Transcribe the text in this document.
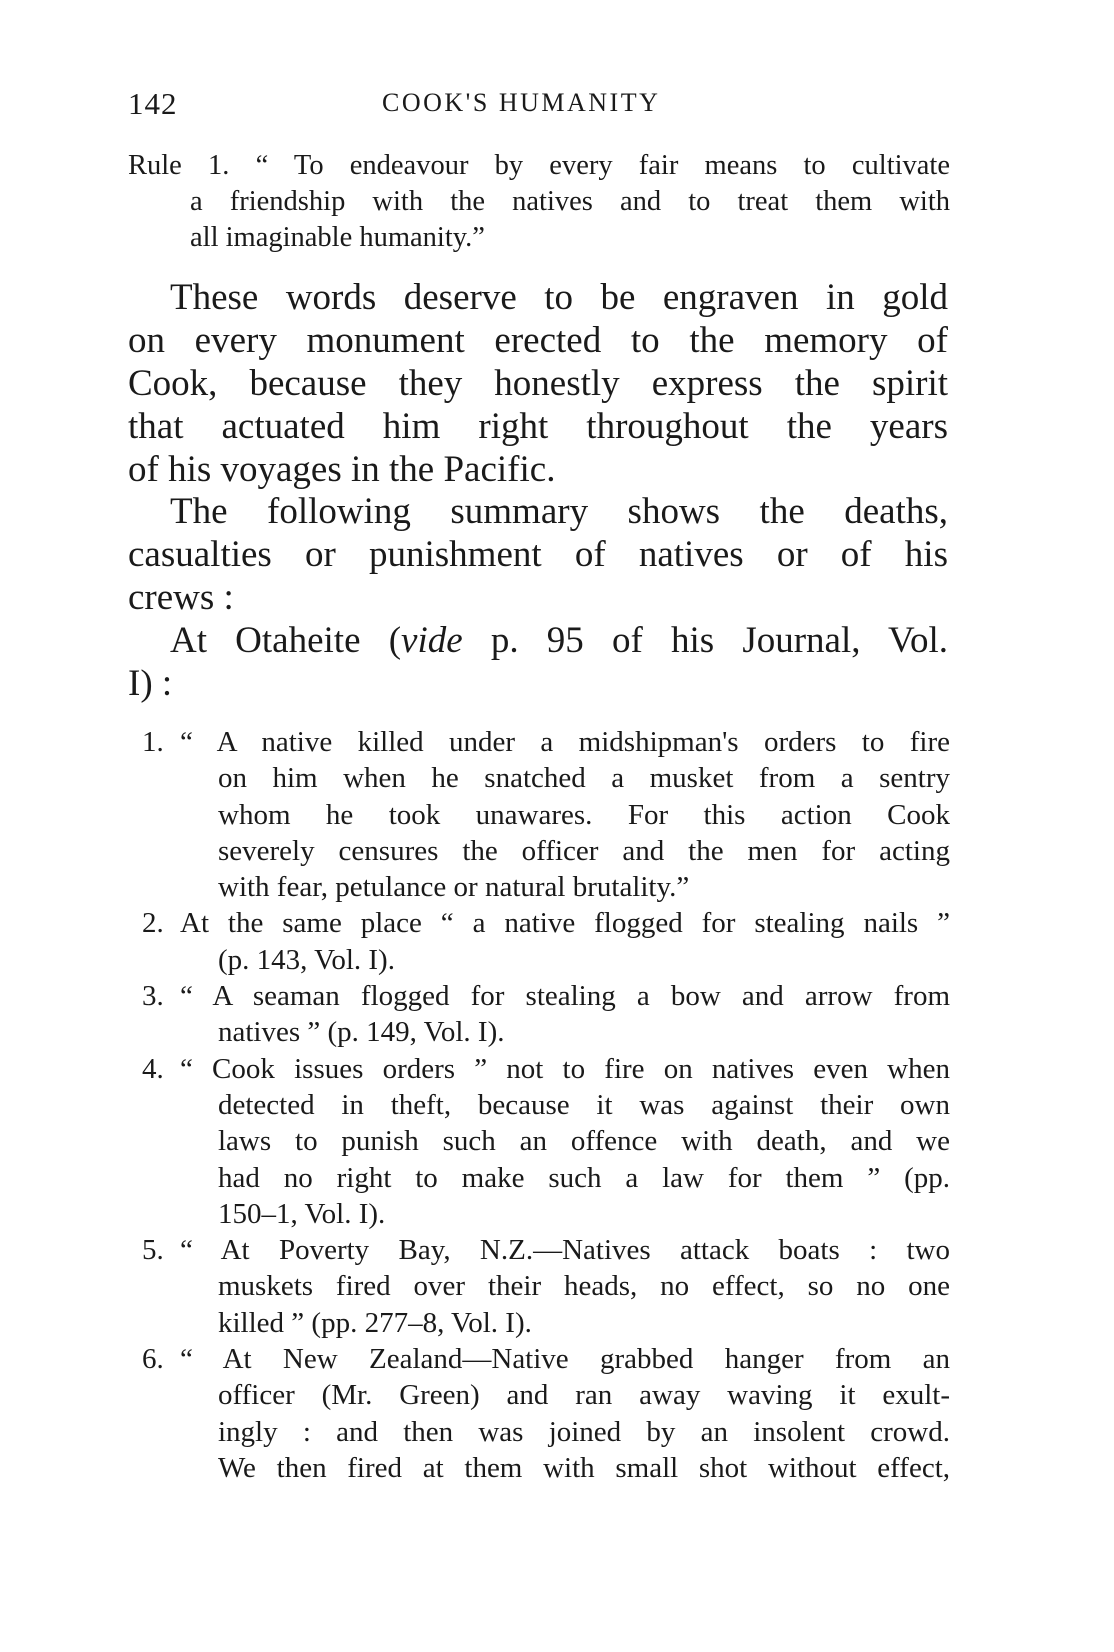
142	COOK'S HUMANITY
Rule 1. “ To endeavour by every fair means to cultivate
a friendship with the natives and to treat them with
all imaginable humanity.”
These words deserve to be engraven in gold
on every monument erected to the memory of
Cook, because they honestly express the spirit
that actuated him right throughout the years
of his voyages in the Pacific.
The following summary shows the deaths,
casualties or punishment of natives or of his
crews :
At Otaheite (vide p. 95 of his Journal, Vol.
I) :
1. “ A native killed under a midshipman's orders to fire
on him when he snatched a musket from a sentry
whom he took unawares. For this action Cook
severely censures the officer and the men for acting
with fear, petulance or natural brutality.”
2. At the same place “ a native flogged for stealing nails ”
(p. 143, Vol. I).
3. “ A seaman flogged for stealing a bow and arrow from
natives ” (p. 149, Vol. I).
4. “ Cook issues orders ” not to fire on natives even when
detected in theft, because it was against their own
laws to punish such an offence with death, and we
had no right to make such a law for them ” (pp.
150–1, Vol. I).
5. “ At Poverty Bay, N.Z.—Natives attack boats : two
muskets fired over their heads, no effect, so no one
killed ” (pp. 277–8, Vol. I).
6. “ At New Zealand—Native grabbed hanger from an
officer (Mr. Green) and ran away waving it exult-
ingly : and then was joined by an insolent crowd.
We then fired at them with small shot without effect,
